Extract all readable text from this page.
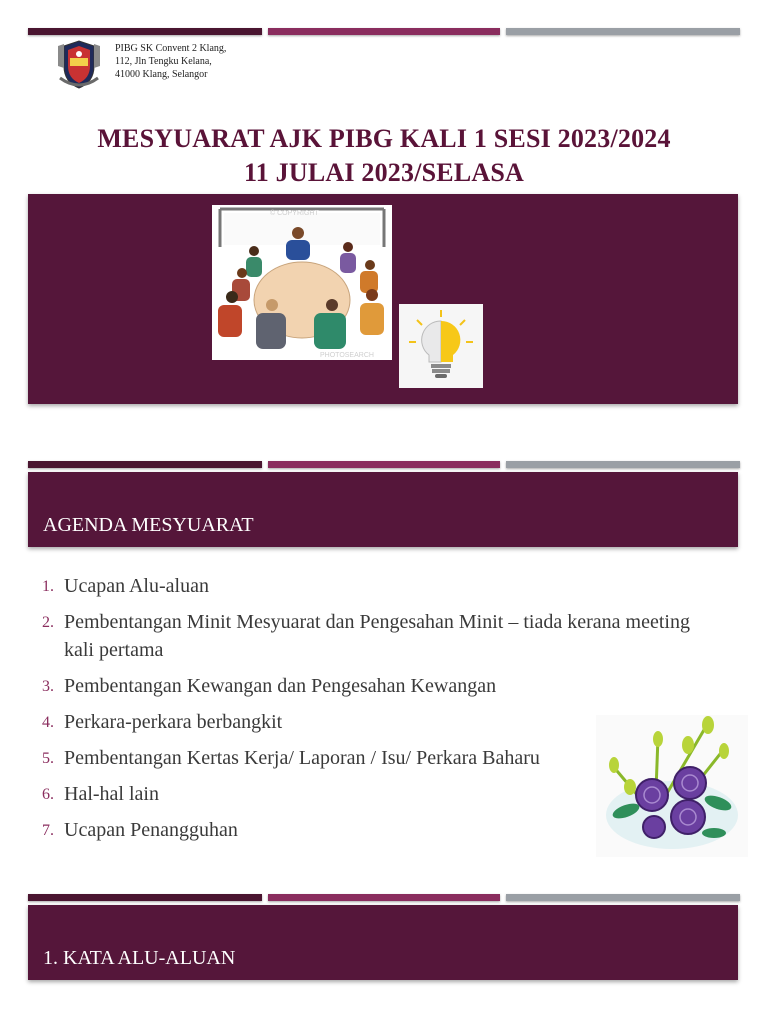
PIBG SK Convent 2 Klang,
112, Jln Tengku Kelana,
41000 Klang, Selangor
MESYUARAT AJK PIBG KALI 1 SESI 2023/2024
11 JULAI 2023/SELASA
© COPYRIGHT
PHOTOSEARCH
AGENDA MESYUARAT
1. Ucapan Alu-aluan
2. Pembentangan Minit Mesyuarat dan Pengesahan Minit – tiada kerana meeting kali pertama
3. Pembentangan Kewangan dan Pengesahan Kewangan
4. Perkara-perkara berbangkit
5. Pembentangan Kertas Kerja/ Laporan / Isu/ Perkara Baharu
6. Hal-hal lain
7. Ucapan Penangguhan
1. KATA ALU-ALUAN
